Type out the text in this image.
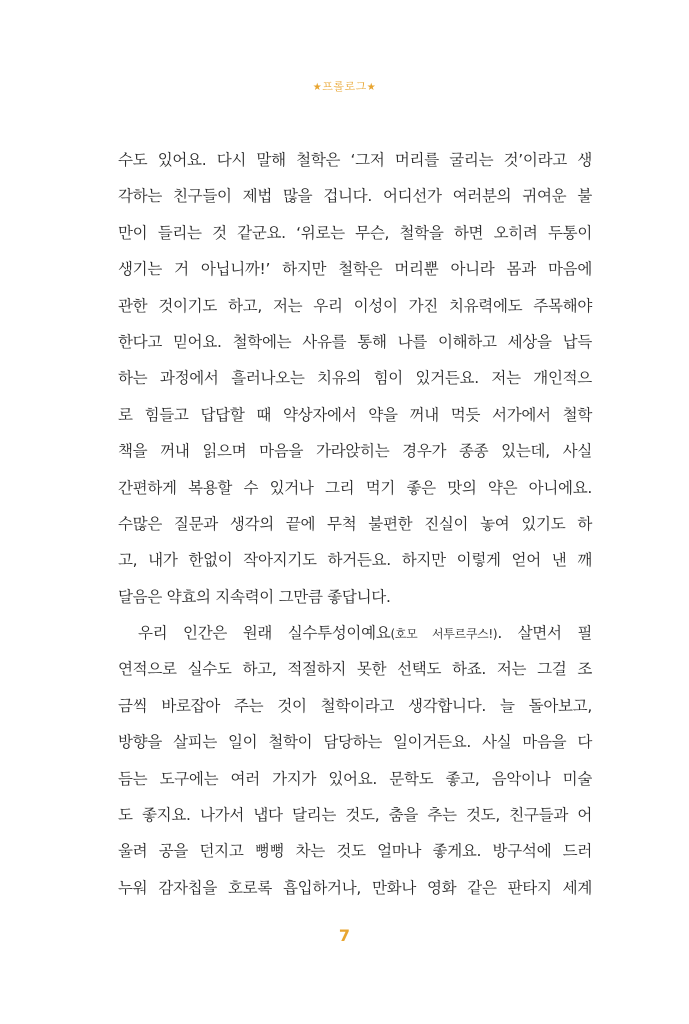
★프롤로그★
수도 있어요. 다시 말해 철학은 ‘그저 머리를 굴리는 것’이라고 생
각하는 친구들이 제법 많을 겁니다. 어디선가 여러분의 귀여운 불
만이 들리는 것 같군요. ‘위로는 무슨, 철학을 하면 오히려 두통이
생기는 거 아닙니까!’ 하지만 철학은 머리뿐 아니라 몸과 마음에
관한 것이기도 하고, 저는 우리 이성이 가진 치유력에도 주목해야
한다고 믿어요. 철학에는 사유를 통해 나를 이해하고 세상을 납득
하는 과정에서 흘러나오는 치유의 힘이 있거든요. 저는 개인적으
로 힘들고 답답할 때 약상자에서 약을 꺼내 먹듯 서가에서 철학
책을 꺼내 읽으며 마음을 가라앉히는 경우가 종종 있는데, 사실
간편하게 복용할 수 있거나 그리 먹기 좋은 맛의 약은 아니에요.
수많은 질문과 생각의 끝에 무척 불편한 진실이 놓여 있기도 하
고, 내가 한없이 작아지기도 하거든요. 하지만 이렇게 얻어 낸 깨
달음은 약효의 지속력이 그만큼 좋답니다.
우리 인간은 원래 실수투성이예요(호모 서투르쿠스!). 살면서 필
연적으로 실수도 하고, 적절하지 못한 선택도 하죠. 저는 그걸 조
금씩 바로잡아 주는 것이 철학이라고 생각합니다. 늘 돌아보고,
방향을 살피는 일이 철학이 담당하는 일이거든요. 사실 마음을 다
듬는 도구에는 여러 가지가 있어요. 문학도 좋고, 음악이나 미술
도 좋지요. 나가서 냅다 달리는 것도, 춤을 추는 것도, 친구들과 어
울려 공을 던지고 뻥뻥 차는 것도 얼마나 좋게요. 방구석에 드러
누워 감자칩을 호로록 흡입하거나, 만화나 영화 같은 판타지 세계
7
